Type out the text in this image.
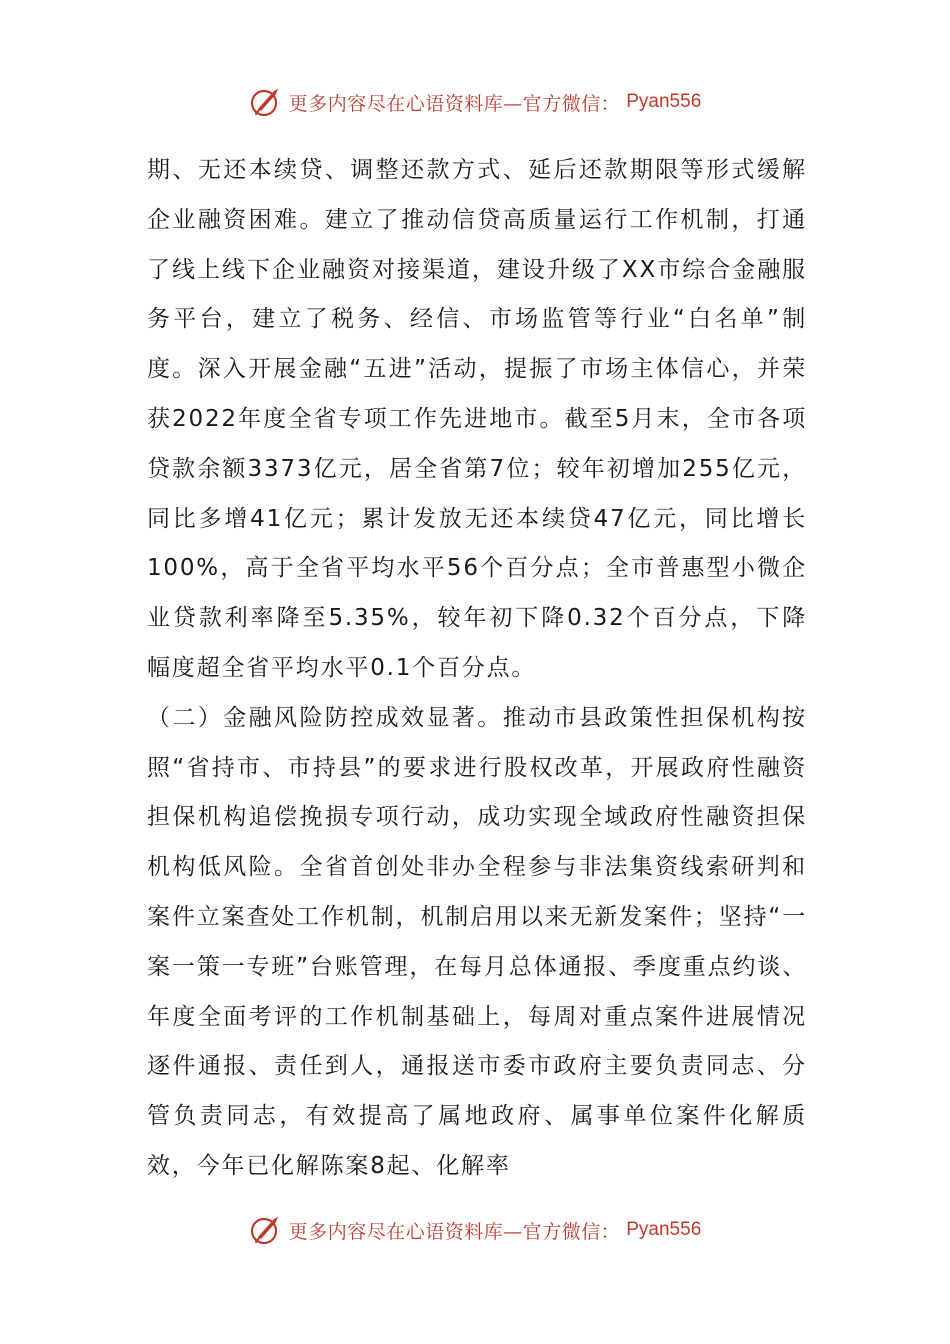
更多内容尽在心语资料库—官方微信： Pyan556

期、无还本续贷、调整还款方式、延后还款期限等形式缓解企业融资困难。建立了推动信贷高质量运行工作机制，打通了线上线下企业融资对接渠道，建设升级了XX市综合金融服务平台，建立了税务、经信、市场监管等行业“白名单”制度。深入开展金融“五进”活动，提振了市场主体信心，并荣获2022年度全省专项工作先进地市。截至5月末，全市各项贷款余额3373亿元，居全省第7位；较年初增加255亿元，同比多增41亿元；累计发放无还本续贷47亿元，同比增长100%，高于全省平均水平56个百分点；全市普惠型小微企业贷款利率降至5.35%，较年初下降0.32个百分点，下降幅度超全省平均水平0.1个百分点。

（二）金融风险防控成效显著。推动市县政策性担保机构按照“省持市、市持县”的要求进行股权改革，开展政府性融资担保机构追偿挽损专项行动，成功实现全域政府性融资担保机构低风险。全省首创处非办全程参与非法集资线索研判和案件立案查处工作机制，机制启用以来无新发案件；坚持“一案一策一专班”台账管理，在每月总体通报、季度重点约谈、年度全面考评的工作机制基础上，每周对重点案件进展情况逐件通报、责任到人，通报送市委市政府主要负责同志、分管负责同志，有效提高了属地政府、属事单位案件化解质效，今年已化解陈案8起、化解率

更多内容尽在心语资料库—官方微信： Pyan556
